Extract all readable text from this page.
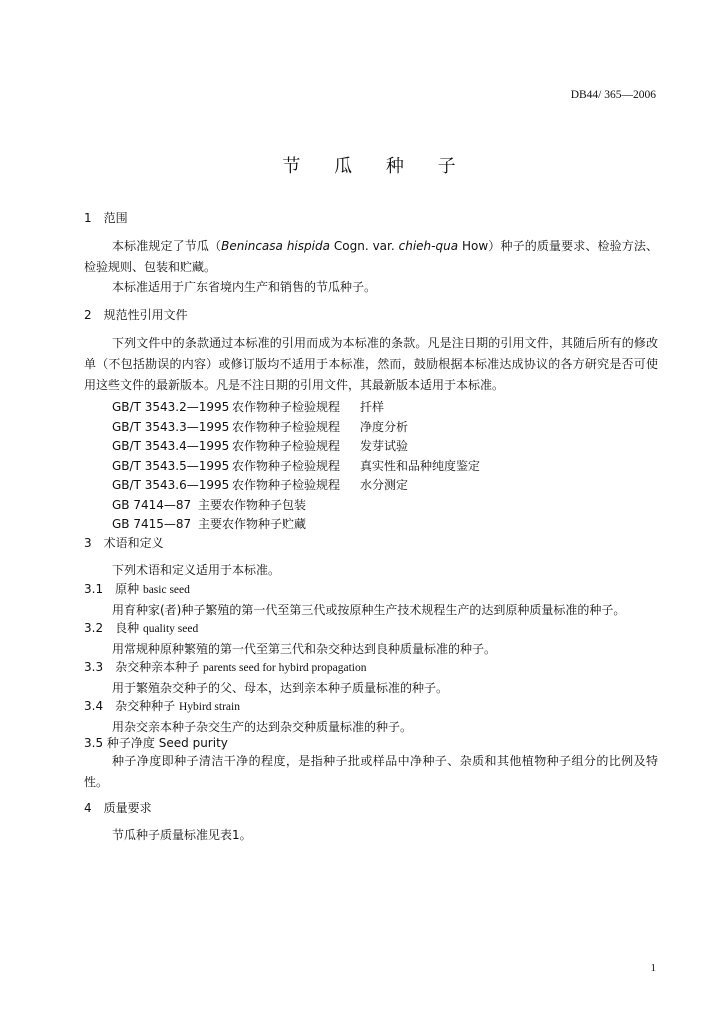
DB44/ 365—2006
节 瓜 种 子
1　范围
本标准规定了节瓜（Benincasa hispida Cogn. var. chieh-qua How）种子的质量要求、检验方法、检验规则、包装和贮藏。
本标准适用于广东省境内生产和销售的节瓜种子。
2　规范性引用文件
下列文件中的条款通过本标准的引用而成为本标准的条款。凡是注日期的引用文件，其随后所有的修改单（不包括勘误的内容）或修订版均不适用于本标准，然而，鼓励根据本标准达成协议的各方研究是否可使用这些文件的最新版本。凡是不注日期的引用文件，其最新版本适用于本标准。
GB/T 3543.2—1995 农作物种子检验规程 扦样
GB/T 3543.3—1995 农作物种子检验规程 净度分析
GB/T 3543.4—1995 农作物种子检验规程 发芽试验
GB/T 3543.5—1995 农作物种子检验规程 真实性和品种纯度鉴定
GB/T 3543.6—1995 农作物种子检验规程 水分测定
GB 7414—87 主要农作物种子包装
GB 7415—87 主要农作物种子贮藏
3　术语和定义
下列术语和定义适用于本标准。
3.1　 原种 basic seed
用育种家(者)种子繁殖的第一代至第三代或按原种生产技术规程生产的达到原种质量标准的种子。
3.2　 良种 quality seed
用常规种原种繁殖的第一代至第三代和杂交种达到良种质量标准的种子。
3.3　 杂交种亲本种子 parents seed for hybird propagation
用于繁殖杂交种子的父、母本，达到亲本种子质量标准的种子。
3.4　 杂交种种子 Hybird strain
用杂交亲本种子杂交生产的达到杂交种质量标准的种子。
3.5 种子净度 Seed purity
种子净度即种子清洁干净的程度，是指种子批或样品中净种子、杂质和其他植物种子组分的比例及特性。
4　质量要求
节瓜种子质量标准见表1。
1
